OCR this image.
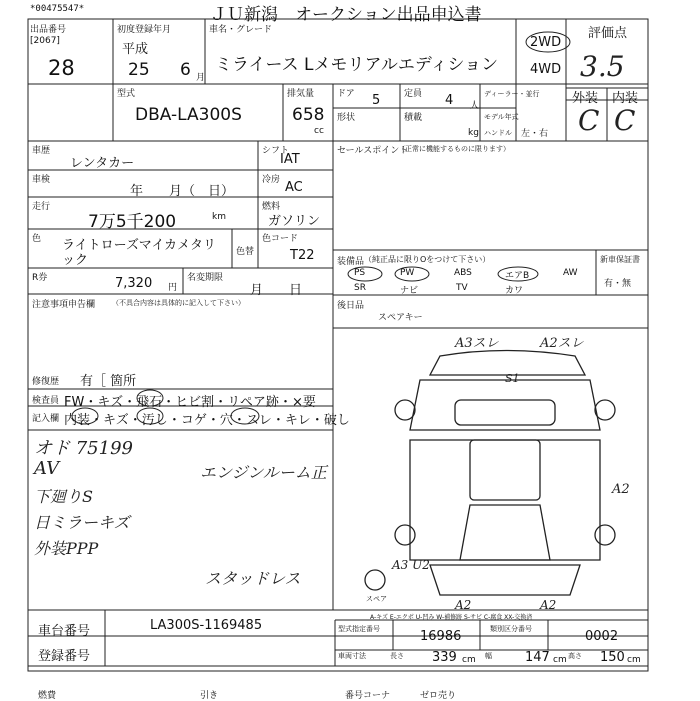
*00475547*	ＪＵ新潟　オークション出品申込書
出品番号
[2067]
28
初度登録年月
平成
25 6 月
車名・グレード
ミライース Lメモリアルエディション
2WD
4WD
評価点
3.5
外装 内装
C C
型式
DBA-LA300S
排気量
658
cc
ドア 5
形状
定員 4 人
積載
kg
ディーラー・並行
モデル年式
ハンドル 左・右
車歴
レンタカー
シフト
IAT
車検
年　　月（　日）
冷房 AC
走行
7万5千200	km
燃料
ガソリン
色 ライトローズマイカメタリック
色替
色コード
T22
R券	7,320 円
名変期限
月　　日
注意事項申告欄 （不具合内容は具体的に記入して下さい）
修復歴 有［ 箇所
検査員 FW・キズ・飛石・ヒビ割・リペア跡・×要
記入欄 内装・キズ・汚し・コゲ・穴・スレ・キレ・破し
オド 75199
AV
下廻りS
日ミラーキズ
外装PPP
エンジンルーム正
スタッドレス
セールスポイント
（正常に機能するものに限ります）
装備品 （純正品に限りOをつけて下さい）
PS	PW	ABS	エアB	AW
SR	ナビ	TV	カワ
新車保証書
有・無
後日品
スペアキー
A3スレ	A2スレ
S1
A2
A3 U2
A2	A2
スペア
A-キズ E-エクボ U-凹み W-補修跡 S-サビ C-腐食 XX-交換済
車台番号	LA300S-1169485
登録番号
型式指定番号	16986	類別区分番号	0002
車両寸法	長さ 339 cm 幅	147 cm 高さ 150 cm
燃費	引き	番号コーナ	ゼロ売り
